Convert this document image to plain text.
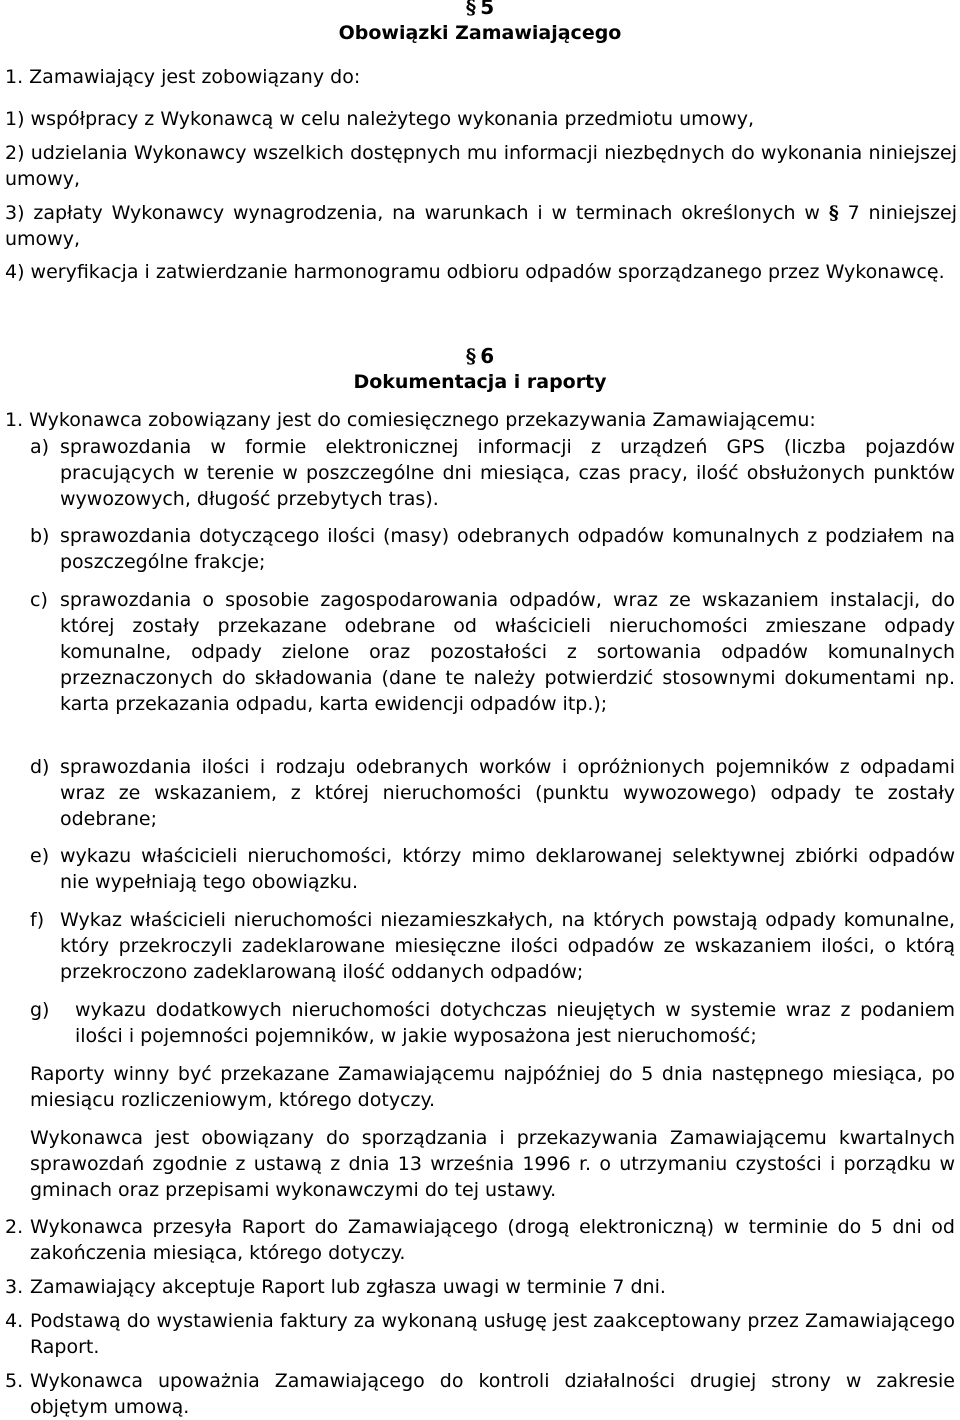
§ 5
Obowiązki Zamawiającego
1. Zamawiający jest zobowiązany do:
1) współpracy z Wykonawcą w celu należytego wykonania przedmiotu umowy,
2) udzielania Wykonawcy wszelkich dostępnych mu informacji niezbędnych do wykonania niniejszej umowy,
3) zapłaty Wykonawcy wynagrodzenia, na warunkach i w terminach określonych w § 7 niniejszej umowy,
4) weryfikacja i zatwierdzanie harmonogramu odbioru odpadów sporządzanego przez Wykonawcę.
§ 6
Dokumentacja i raporty
1. Wykonawca zobowiązany jest do comiesięcznego przekazywania Zamawiającemu:
a) sprawozdania w formie elektronicznej informacji z urządzeń GPS (liczba pojazdów pracujących w terenie w poszczególne dni miesiąca, czas pracy, ilość obsłużonych punktów wywozowych, długość przebytych tras).
b) sprawozdania dotyczącego ilości (masy) odebranych odpadów komunalnych z podziałem na poszczególne frakcje;
c) sprawozdania o sposobie zagospodarowania odpadów, wraz ze wskazaniem instalacji, do której zostały przekazane odebrane od właścicieli nieruchomości zmieszane odpady komunalne, odpady zielone oraz pozostałości z sortowania odpadów komunalnych przeznaczonych do składowania (dane te należy potwierdzić stosownymi dokumentami np. karta przekazania odpadu, karta ewidencji odpadów itp.);
d) sprawozdania ilości i rodzaju odebranych worków i opróżnionych pojemników z odpadami wraz ze wskazaniem, z której nieruchomości (punktu wywozowego) odpady te zostały odebrane;
e) wykazu właścicieli nieruchomości, którzy mimo deklarowanej selektywnej zbiórki odpadów nie wypełniają tego obowiązku.
f) Wykaz właścicieli nieruchomości niezamieszkałych, na których powstają odpady komunalne, który przekroczyli zadeklarowane miesięczne ilości odpadów ze wskazaniem ilości, o którą przekroczono zadeklarowaną ilość oddanych odpadów;
g) wykazu dodatkowych nieruchomości dotychczas nieujętych w systemie wraz z podaniem ilości i pojemności pojemników, w jakie wyposażona jest nieruchomość;
Raporty winny być przekazane Zamawiającemu najpóźniej do 5 dnia następnego miesiąca, po miesiącu rozliczeniowym, którego dotyczy.
Wykonawca jest obowiązany do sporządzania i przekazywania Zamawiającemu kwartalnych sprawozdań zgodnie z ustawą z dnia 13 września 1996 r. o utrzymaniu czystości i porządku w gminach oraz przepisami wykonawczymi do tej ustawy.
2. Wykonawca przesyła Raport do Zamawiającego (drogą elektroniczną) w terminie do 5 dni od zakończenia miesiąca, którego dotyczy.
3. Zamawiający akceptuje Raport lub zgłasza uwagi w terminie 7 dni.
4. Podstawą do wystawienia faktury za wykonaną usługę jest zaakceptowany przez Zamawiającego Raport.
5. Wykonawca upoważnia Zamawiającego do kontroli działalności drugiej strony w zakresie objętym umową.
